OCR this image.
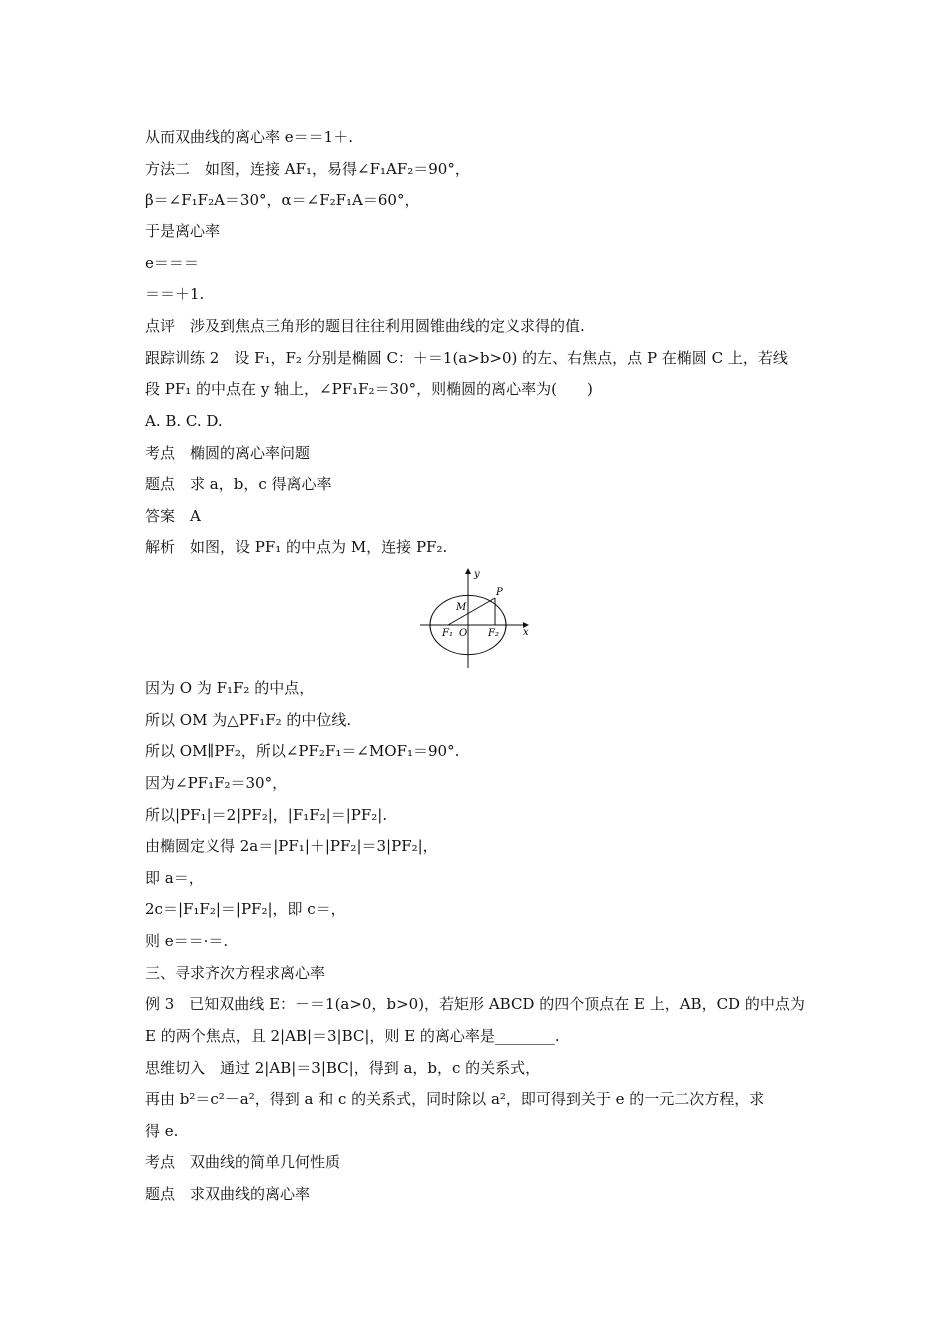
从而双曲线的离心率 e＝＝1＋.
方法二　如图，连接 AF₁，易得∠F₁AF₂＝90°，
β＝∠F₁F₂A＝30°，α＝∠F₂F₁A＝60°，
于是离心率
e＝＝＝
＝＝＋1.
点评　涉及到焦点三角形的题目往往利用圆锥曲线的定义求得的值.
跟踪训练 2　设 F₁，F₂ 分别是椭圆 C：＋＝1(a>b>0) 的左、右焦点，点 P 在椭圆 C 上，若线
段 PF₁ 的中点在 y 轴上，∠PF₁F₂＝30°，则椭圆的离心率为(　　)
A. B. C. D.
考点　椭圆的离心率问题
题点　求 a，b，c 得离心率
答案　A
解析　如图，设 PF₁ 的中点为 M，连接 PF₂.
因为 O 为 F₁F₂ 的中点，
所以 OM 为△PF₁F₂ 的中位线.
所以 OM∥PF₂，所以∠PF₂F₁＝∠MOF₁＝90°.
因为∠PF₁F₂＝30°，
所以|PF₁|＝2|PF₂|，|F₁F₂|＝|PF₂|.
由椭圆定义得 2a＝|PF₁|＋|PF₂|＝3|PF₂|，
即 a＝，
2c＝|F₁F₂|＝|PF₂|，即 c＝，
则 e＝＝·＝.
三、寻求齐次方程求离心率
例 3　已知双曲线 E：－＝1(a>0，b>0)，若矩形 ABCD 的四个顶点在 E 上，AB，CD 的中点为
E 的两个焦点，且 2|AB|＝3|BC|，则 E 的离心率是________.
思维切入　通过 2|AB|＝3|BC|，得到 a，b，c 的关系式，
再由 b²＝c²－a²，得到 a 和 c 的关系式，同时除以 a²，即可得到关于 e 的一元二次方程，求
得 e.
考点　双曲线的简单几何性质
题点　求双曲线的离心率
y
x
P
M
F₁ O F₂
